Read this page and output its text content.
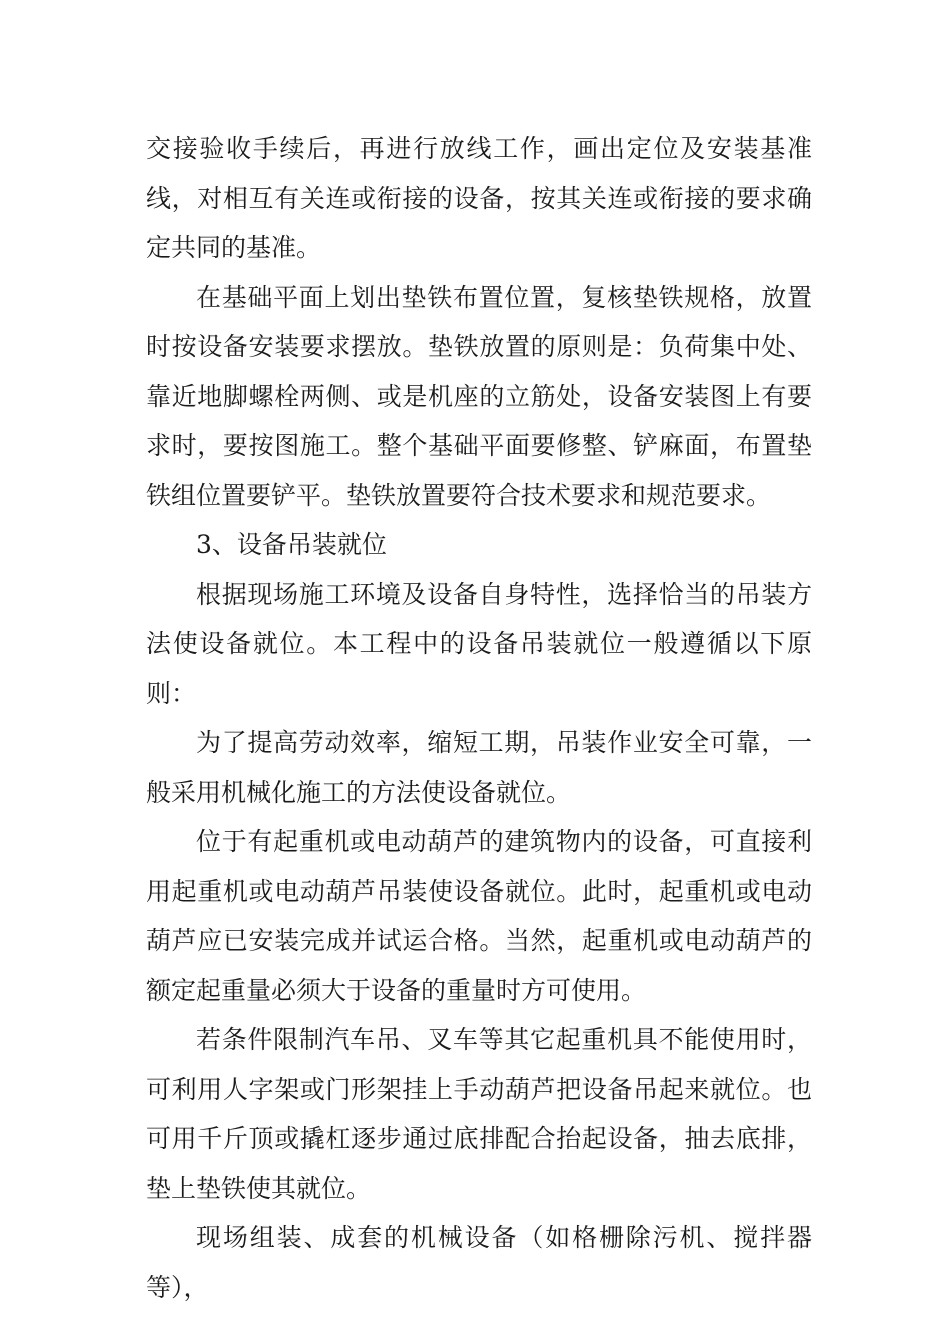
交接验收手续后，再进行放线工作，画出定位及安装基准线，对相互有关连或衔接的设备，按其关连或衔接的要求确定共同的基准。

在基础平面上划出垫铁布置位置，复核垫铁规格，放置时按设备安装要求摆放。垫铁放置的原则是：负荷集中处、靠近地脚螺栓两侧、或是机座的立筋处，设备安装图上有要求时，要按图施工。整个基础平面要修整、铲麻面，布置垫铁组位置要铲平。垫铁放置要符合技术要求和规范要求。

3、设备吊装就位

根据现场施工环境及设备自身特性，选择恰当的吊装方法使设备就位。本工程中的设备吊装就位一般遵循以下原则：

为了提高劳动效率，缩短工期，吊装作业安全可靠，一般采用机械化施工的方法使设备就位。

位于有起重机或电动葫芦的建筑物内的设备，可直接利用起重机或电动葫芦吊装使设备就位。此时，起重机或电动葫芦应已安装完成并试运合格。当然，起重机或电动葫芦的额定起重量必须大于设备的重量时方可使用。

若条件限制汽车吊、叉车等其它起重机具不能使用时，可利用人字架或门形架挂上手动葫芦把设备吊起来就位。也可用千斤顶或撬杠逐步通过底排配合抬起设备，抽去底排，垫上垫铁使其就位。

现场组装、成套的机械设备（如格栅除污机、搅拌器等），
